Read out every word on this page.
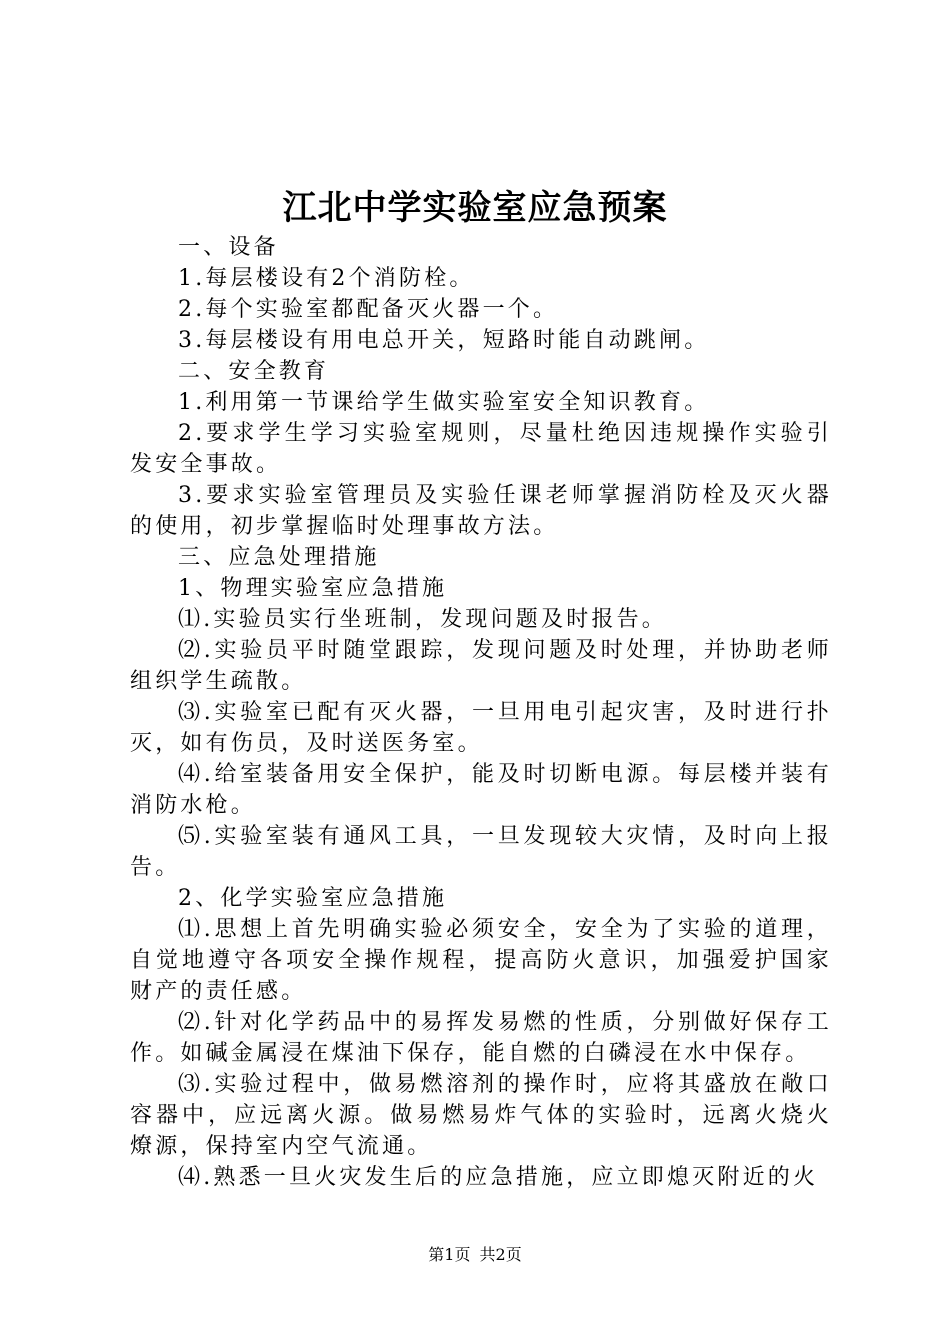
江北中学实验室应急预案

一、设备

1.每层楼设有2个消防栓。

2.每个实验室都配备灭火器一个。

3.每层楼设有用电总开关，短路时能自动跳闸。

二、安全教育

1.利用第一节课给学生做实验室安全知识教育。

2.要求学生学习实验室规则，尽量杜绝因违规操作实验引发安全事故。

3.要求实验室管理员及实验任课老师掌握消防栓及灭火器的使用，初步掌握临时处理事故方法。

三、应急处理措施

1、物理实验室应急措施

⑴.实验员实行坐班制，发现问题及时报告。

⑵.实验员平时随堂跟踪，发现问题及时处理，并协助老师组织学生疏散。

⑶.实验室已配有灭火器，一旦用电引起灾害，及时进行扑灭，如有伤员，及时送医务室。

⑷.给室装备用安全保护，能及时切断电源。每层楼并装有消防水枪。

⑸.实验室装有通风工具，一旦发现较大灾情，及时向上报告。

2、化学实验室应急措施

⑴.思想上首先明确实验必须安全，安全为了实验的道理，自觉地遵守各项安全操作规程，提高防火意识，加强爱护国家财产的责任感。

⑵.针对化学药品中的易挥发易燃的性质，分别做好保存工作。如碱金属浸在煤油下保存，能自燃的白磷浸在水中保存。

⑶.实验过程中，做易燃溶剂的操作时，应将其盛放在敞口容器中，应远离火源。做易燃易炸气体的实验时，远离火烧火燎源，保持室内空气流通。

⑷.熟悉一旦火灾发生后的应急措施，应立即熄灭附近的火

第1页 共2页
